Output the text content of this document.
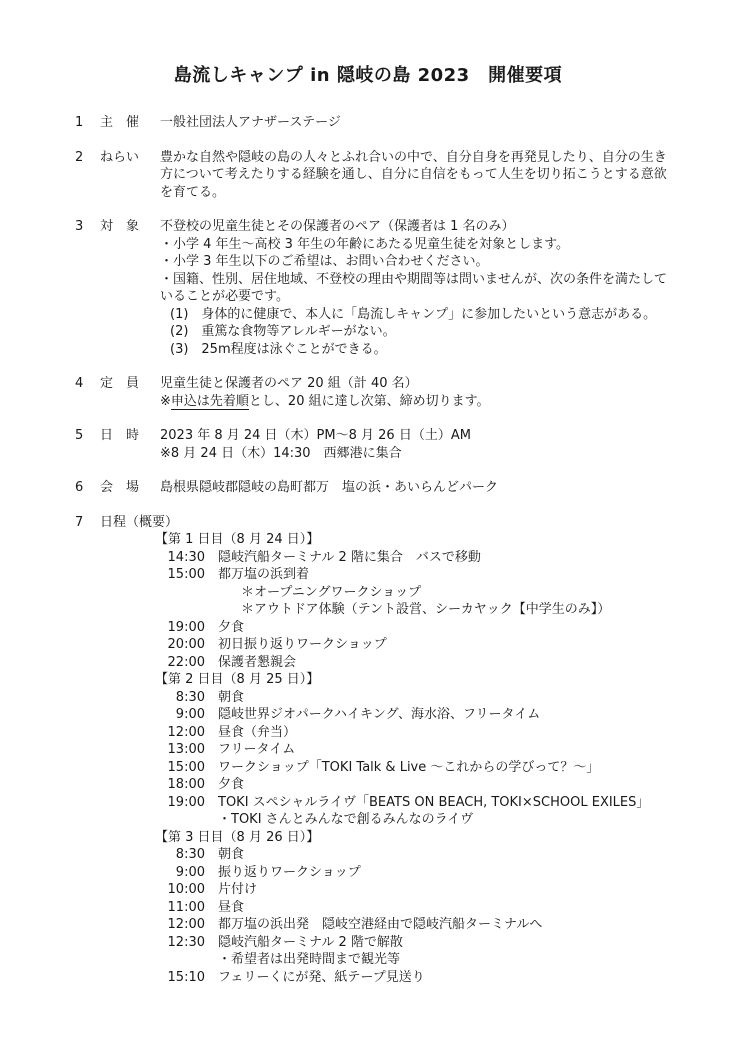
島流しキャンプ in 隠岐の島 2023　開催要項
1	主　催	一般社団法人アナザーステージ
2	ねらい	豊かな自然や隠岐の島の人々とふれ合いの中で、自分自身を再発見したり、自分の生き方について考えたりする経験を通し、自分に自信をもって人生を切り拓こうとする意欲を育てる。
3	対　象	不登校の児童生徒とその保護者のペア（保護者は 1 名のみ）
・小学 4 年生～高校 3 年生の年齢にあたる児童生徒を対象とします。
・小学 3 年生以下のご希望は、お問い合わせください。
・国籍、性別、居住地域、不登校の理由や期間等は問いませんが、次の条件を満たしていることが必要です。
(1)　身体的に健康で、本人に「島流しキャンプ」に参加したいという意志がある。
(2)　重篤な食物等アレルギーがない。
(3)　25m程度は泳ぐことができる。
4	定　員	児童生徒と保護者のペア 20 組（計 40 名）
※申込は先着順とし、20 組に達し次第、締め切ります。
5	日　時	2023 年 8 月 24 日（木）PM～8 月 26 日（土）AM
※8 月 24 日（木）14:30　西郷港に集合
6	会　場	島根県隠岐郡隠岐の島町都万　塩の浜・あいらんどパーク
7	日程（概要）
【第 1 日目（8 月 24 日）】
14:30	隠岐汽船ターミナル 2 階に集合　バスで移動
15:00	都万塩の浜到着
＊オープニングワークショップ
＊アウトドア体験（テント設営、シーカヤック【中学生のみ】）
19:00	夕食
20:00	初日振り返りワークショップ
22:00	保護者懇親会
【第 2 日目（8 月 25 日）】
8:30	朝食
9:00	隠岐世界ジオパークハイキング、海水浴、フリータイム
12:00	昼食（弁当）
13:00	フリータイム
15:00	ワークショップ「TOKI Talk & Live ～これからの学びって？～」
18:00	夕食
19:00	TOKI スペシャルライヴ「BEATS ON BEACH, TOKI×SCHOOL EXILES」
・TOKI さんとみんなで創るみんなのライヴ
【第 3 日目（8 月 26 日）】
8:30	朝食
9:00	振り返りワークショップ
10:00	片付け
11:00	昼食
12:00	都万塩の浜出発　隠岐空港経由で隠岐汽船ターミナルへ
12:30	隠岐汽船ターミナル 2 階で解散
・希望者は出発時間まで観光等
15:10	フェリーくにが発、紙テープ見送り
